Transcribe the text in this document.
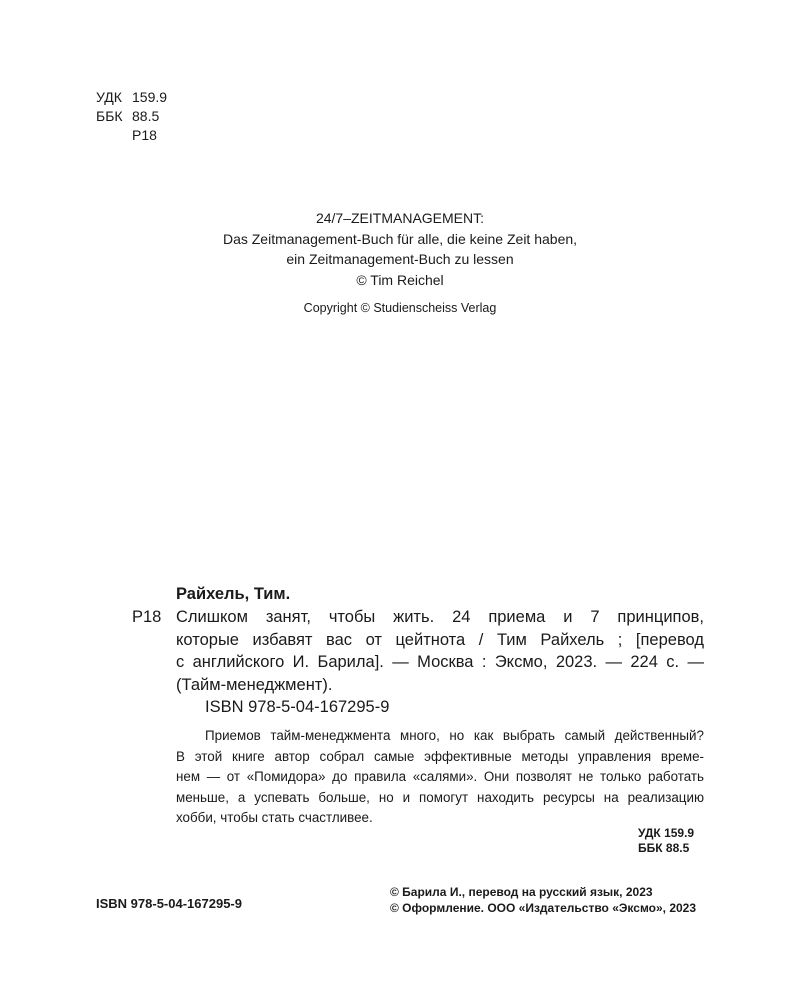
УДК 159.9
ББК 88.5
Р18
24/7–ZEITMANAGEMENT:
Das Zeitmanagement-Buch für alle, die keine Zeit haben,
ein Zeitmanagement-Buch zu lessen
© Tim Reichel
Copyright © Studienscheiss Verlag
Райхель, Тим.
Р18 Слишком занят, чтобы жить. 24 приема и 7 принципов,
которые избавят вас от цейтнота / Тим Райхель ; [перевод
с английского И. Барила]. — Москва : Эксмо, 2023. — 224 с. —
(Тайм-менеджмент).
ISBN 978-5-04-167295-9
Приемов тайм-менеджмента много, но как выбрать самый действенный?
В этой книге автор собрал самые эффективные методы управления време-
нем — от «Помидора» до правила «салями». Они позволят не только работать
меньше, а успевать больше, но и помогут находить ресурсы на реализацию
хобби, чтобы стать счастливее.
УДК 159.9
ББК 88.5
ISBN 978-5-04-167295-9
© Барила И., перевод на русский язык, 2023
© Оформление. ООО «Издательство «Эксмо», 2023
